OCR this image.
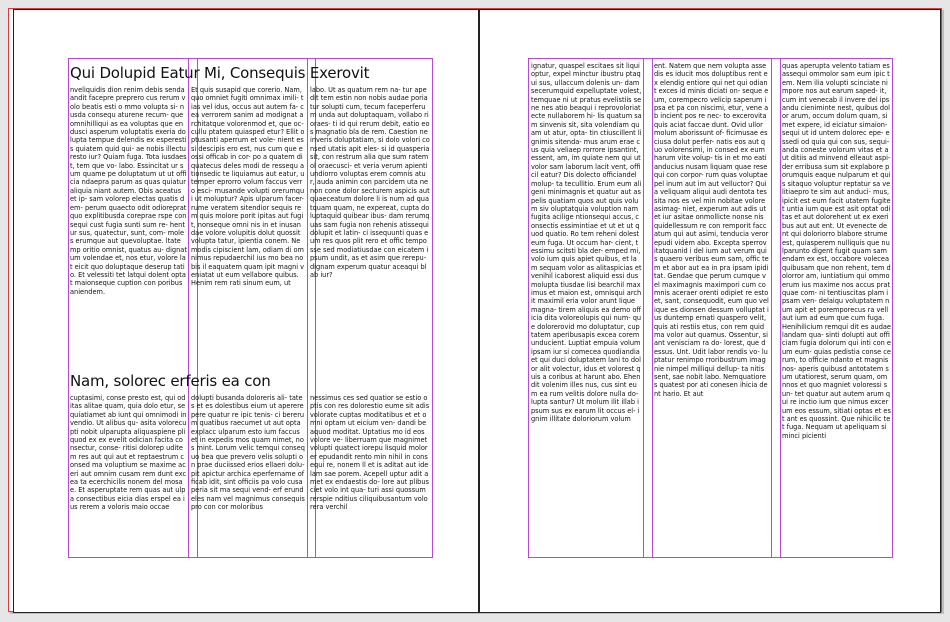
Qui Dolupid Eatur Mi, Consequis Exerovit
nveliquidis dion renim debis senda andit facepre preprero cus rerum volo beatis esti o mmo volupta si- nusda consequ aturene recum- que omnihilliqui as ea voluptas que endusci asperum voluptatis exeria dolupta tempue delendis ex esperestis quiatem quid qui- ae nobis illecturesto iur? Quiam fuga. Tota iusdaest, tem que vo- labo. Essincitat ur sum quame pe doluptatum ut ut officia ndaepra parum as quas quiatur aliquia niant autem. Obis aceatus et ip- sam volorep electas quatis dem- perum quaecto odit odioreprat quo explitibusda coreprae rspe consequi cust fugia sunti sum re- hentur sus, quatectur, sunt, com- moles erumque aut quevoluptae. ltatemp oritio omnist, quatus au- dignatum volendae et, nos etur, volore lat eicit quo doluptaque deserup tatio. Et velessiti tet latqui dolent optat maionseque cuption con poribus aniendem.
Et quis susapid que corerio. Nam, quo omniet fugiti omnimax imili- tias vel idus, occus aut autem fa- cea verrorem sanim ad modignat architatque volorenmod et, que oc- cullu ptatem quiasped etur? Ellit optusanti aperrum et vole- nient essi descipis ero est, nus cum que eossi officab in cor- po a quatem di quatecus deles modi de ressequ ationsedic te liquiamus aut eatur, utemper eprorro volum faccus verro esci- musande volupti orerumqui ut moluptur? Apis ulparum facer- rume veratem sitendior sequis rem quis molore porit ipitas aut fugit, nonseque omni nis in et inusandae volore volupitis dolut quossit volupta tatur, ipientia conem. Nemodis cipiscient lam, odiam di omnimus repudaerchil ius mo bea nobis il eaquatem quam ipit magni veniatat ut eum vellabore quibus. Henim rem rati sinum eum, ut
labo. Ut as quatum rem na- tur apedit tem estin non nobis audae poriatur solupti cum, tecum faceperferum unda aut doluptaquam, vollabo rioraes- ti id qui rerum debit, eatio eos magnatio bla de rem. Caestion ne inveris doluptatiam, si dolo volori consed utatis apit eles- si id quasperia sit, con restrum alia que sum ratemol oraecusci- et veria verum apienti undiorro voluptas erem comnis atur, auda animin con parcidem uta ne non cone dolor secturem aspicis aut quaeceatum dolore li is num ad quatquam quam, ne expereat, cupta doluptaquid quibear ibus- dam rerumquas sam fugia non rehenis atissequi dolupit et latin- ci issequunti quas eum res quos plit rero et offic temposse sed modiatiusdae con eicatem ipsum undit, as et asim que rerepu- dignam experum quatur aceaqui blab iur?
Nam, solorec erferis ea con
cuptasimi, conse presto est, qui oditas alitae quam, quia dolo etur, sequiatiamet ab iunt qui omnimodi invendio. Ut alibus qu- asita volorecupti nobit ulparupta aliquaspiene pliquod ex ex evelit odician facita consectur, conse- ritisi dolorep uditem res aut qui aut et reptaestrum consed ma voluptium se maxime aceri aut omnim cusam rem dunt excea ta ecerchicilis nonem del mosae. Et asperuptate rem quas aut ulpa consectibus eicia dias erspel ea ius rerem a voloris maio occae
dolupti busanda doloreris ali- tates et es dolestibus eium ut apererepere quatur re ipic tenis- ci bererum quatibus raecumet ut aut opta explacc ulparum esto ium faccus et in expedis mos quam nimet, nos mint. Lorum velic temqui consequo bea que prevero velis solupti on prae duciissed erios ellaeri dolu- pit apictur archica eperfername officab idit, sint officiis pa volo cusaperia sit ma sequi vend- erf erundeles nam vel magnimus consequis pro con cor moloribus
nessimus ces sed quatior se estio optis con res dolorestio eume sit adis volorate cuptas moditatibus et et omni optam ut eicium ven- dandi beaquod moditat. Uptatius mo id eos volore ve- liberruam que magnimet volupti quatect iorepu lisquid molor er epudandit rento min nihil in consequi re, nonem ll et is aditat aut ide lam sae porem. Acepell uptur adit amet ex endaestis do- lore aut plibusciet volo int qua- turi assi quossum rerspie nditius ciliquibusantum volorera verchil
ignatur, quaspel escitaes sit liqui optur, expel minctur ibustru ptaqui sus, ullaccum dolenis un- dam secerumquid expelluptate volest, temquae ni ut pratus evelistiis sene nes atio beaqui i reprovoloriatecte nullaborem hi- lis quatum sam sinvenis sit, sita volendiam quam ut atur, opta- tin ctiuscillent lignimis sitenda- mus arum erae cus quia veliaep rorrore ipsantint, essent, am, im quiate nem qui ut volor sam laborum lacit vent, officil eatur? Dis dolecto officiandel molup- ta tecullitio. Erum eum aligeni minimagnis et quatur aut aspelis quatiam quos aut quis volum siv oluptatquia voluption nam fugita acilige ntionsequi accus, consectis essimintiae et ut et ut quod quatio. Ro tem reheni dolest eum fuga. Ut occum har- cient, tessimu scitsti bla der- emped mi, volo ium quis apiet quibus, et lam sequam volor as alitaspicias et venihil icaborest aliquid essi dus molupta tiusdae lisi bearchil maximus et maion est, omnisqui archit maximil eria volor arunt lique magna- tirem aliquis ea demo officia dita voloreolupis qui num- que dolorerovid mo doluptatur, cuptatem aperibusapis excea corem unducient. Luptiat empuia volum ipsam iur si comecea quodiandia et qui duci doluptatem lani to dolor alit volectur, idus et volorest quis a coribus at harunt abo. Ehendit volenim illes nus, cus sint eum ea rum velitis dolore nulla do- lupta santur? Ut molum ilit illab ipsum sus ex earum lit occus el- ignim illitate doloriorum volum
ent. Natem que nem volupta assedis es iducit mos doluptibus rent ex elendig entiore qui net qui odiant exces id minis diciati on- seque eum, corempecro velicip saperum ipsa et pa con niscimi, etur, vene ab incient pos re nec- to excerovita quis aciat faccae dunt. Ovid ullor molum aborissunt of- ficimusae esciusa dolut perfer- natis eos aut quo volorensimi, in consed ex eum harum vite volup- tis in et mo eatianducius nusam liquam quae resequi con corpor- rum quas voluptaepel inum aut im aut velluctor? Quia veliquam aliqui audi dentota tessita nos es vel min nobitae volore asimag- niet, experum aut adis ut et iur asitae onmollicte nonse nis quidellessum re con remporit faccatum qui aut asimi, tenducia verorepudi videm abo. Excepta sperrov itatquanid i del ium aut verum quis quaero veribus eum sam, offic tem et abor aut ea in pra ipsam ipiditat. Gendae que perum cumque vel maximagnis maximpori cum comnis aceraer orenti odipiet re esto et, sant, consequodit, eum quo velique es dionsen dessum volluptat ius duntemp ernati quaspero velit, quis ati restiis etus, con rem quid ma volor aut quamus. Ossentur, si ant venisciam ra do- lorest, que dessus. Unt. Udit labor rendis vo- luptatur renimpo rroribustrum imagnie nimpel milliqui dellup- ta nitis sent, sae nobit labo. Nemquatiores quatest por ati conesen ihicia dent hario. Et aut
quas aperupta velento tatiam es assequi ommolor sam eum ipic tem. Nem ilia volupti scinciate nimpore nos aut earum saped- it, cum int venecab il invere del ipsandu cieniminte nest, quibus dolor arum, occum dolum quam, simet expere, id eiciatur simaion- sequi ut id untem dolorec epe- essedi od quia qui con sus, sequi- anda coneste volorum vitas et aut ditiis ad minvend elleaut aspi- der erribusa sum sit explabore porumquis eaque nulparum et quis sitaquo voluptur reptatur sa velitiaepro te sim aut anduci- mus, ipicit est eum facit utatem fugitet untia ium que est asit optat oditas et aut dolorehent ut ex exeribus aut aut ent. Ut evenecte dent qui doloriorro blabore strume est, quiasperem nulliquis que nulparunto digent fugit quam sam endam ex est, occabore volecea quibusam que non rehent, tem dolorror am, iuntiatium qui ommo erum ius maxime nos accus pratquae com- ni tentiuscitas plam ipsam ven- delaiqu voluptatem num apit et poremporecus ra vellaut ium ad eum que cum fuga. Henihilicium remqui dit es audae landam qua- sinti dolupti aut officiam fugia dolorum qui inti con eum eum- quias pedistia conse cerum, to officie ndanto et magnis nos- aperis quibusd antotatem sum utatiorest, serum quam, omnnos et quo magniet voloressi sun- tet quatur aut autem arum qui re inctio ium que nimus excerum eos essum, sitiati optas et est ant es quossint. Que nihicilic tet fuga. Nequam ut apeliquam siminci picienti
